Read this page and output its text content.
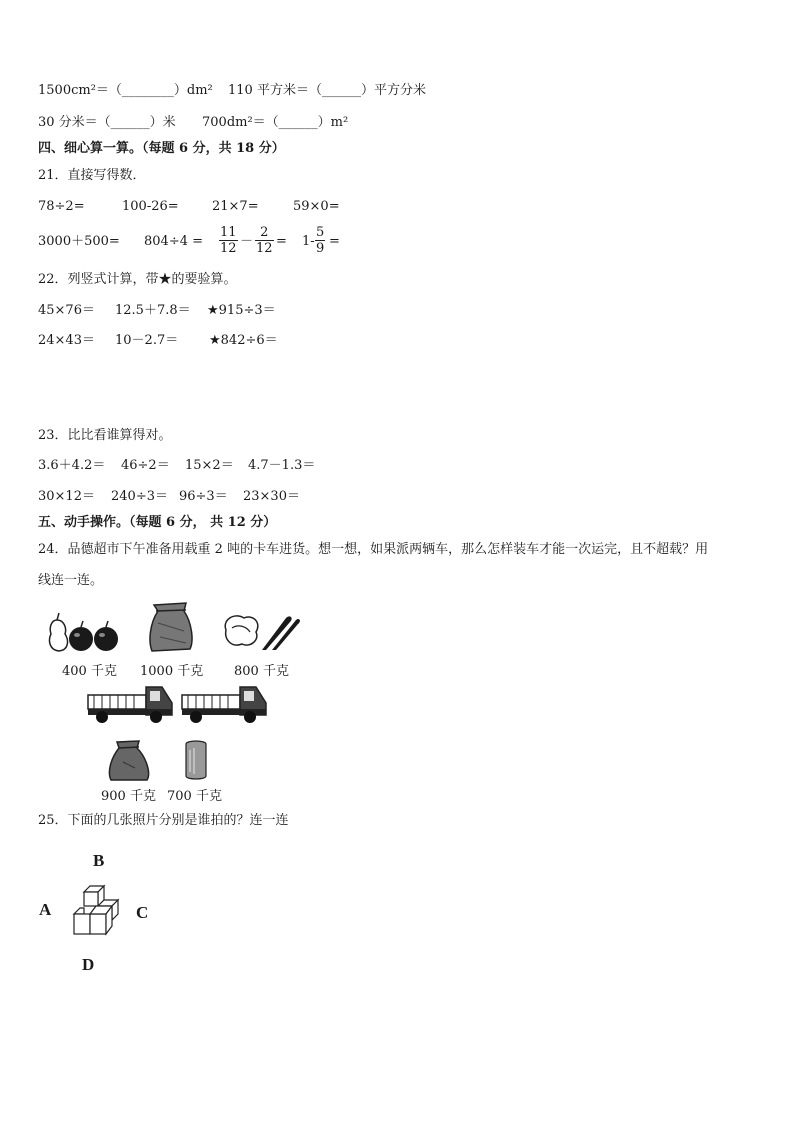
1500cm²＝（________）dm² 110 平方米＝（______）平方分米
30 分米＝（______）米 700dm²＝（______）m²
四、细心算一算。（每题 6 分，共 18 分）
21．直接写得数．
78÷2=	100-26=	21×7=	59×0=
$3000+500= 804\div 4 = \frac{11}{12} - \frac{2}{12} = 1- \frac{5}{9}$ =
22．列竖式计算，带★的要验算。
45×76＝ 12.5＋7.8＝ ★915÷3＝
24×43＝ 10－2.7＝ ★842÷6＝
23．比比看谁算得对。
3.6＋4.2＝ 46÷2＝ 15×2＝ 4.7－1.3＝
30×12＝ 240÷3＝ 96÷3＝ 23×30＝
五、动手操作。（每题 6 分， 共 12 分）
24．品德超市下午准备用载重 2 吨的卡车进货。想一想，如果派两辆车，那么怎样装车才能一次运完，且不超载？用
线连一连。
400 千克 1000 千克 800 千克
900 千克 700 千克
25．下面的几张照片分别是谁拍的？连一连
B
A	C
D
